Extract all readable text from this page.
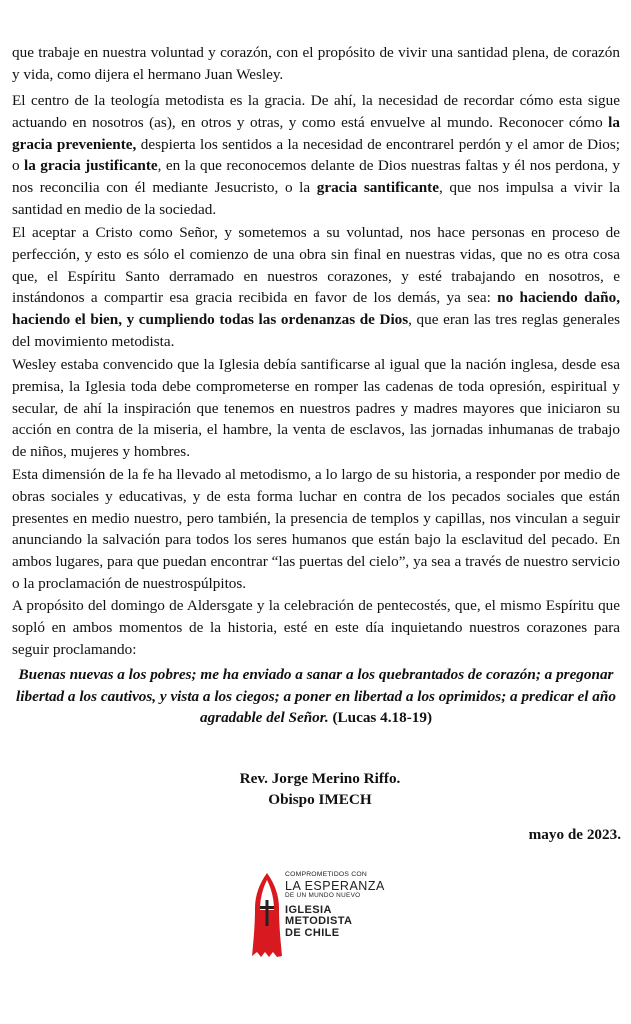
que trabaje en nuestra voluntad y corazón, con el propósito de vivir una santidad plena, de corazón y vida, como dijera el hermano Juan Wesley.

El centro de la teología metodista es la gracia. De ahí, la necesidad de recordar cómo esta sigue actuando en nosotros (as), en otros y otras, y como está envuelve al mundo. Reconocer cómo la gracia preveniente, despierta los sentidos a la necesidad de encontrarel perdón y el amor de Dios; o la gracia justificante, en la que reconocemos delante de Dios nuestras faltas y él nos perdona, y nos reconcilia con él mediante Jesucristo, o la gracia santificante, que nos impulsa a vivir la santidad en medio de la sociedad.

El aceptar a Cristo como Señor, y sometemos a su voluntad, nos hace personas en proceso de perfección, y esto es sólo el comienzo de una obra sin final en nuestras vidas, que no es otra cosa que, el Espíritu Santo derramado en nuestros corazones, y esté trabajando en nosotros, e instándonos a compartir esa gracia recibida en favor de los demás, ya sea: no haciendo daño, haciendo el bien, y cumpliendo todas las ordenanzas de Dios, que eran las tres reglas generales del movimiento metodista.

Wesley estaba convencido que la Iglesia debía santificarse al igual que la nación inglesa, desde esa premisa, la Iglesia toda debe comprometerse en romper las cadenas de toda opresión, espiritual y secular, de ahí la inspiración que tenemos en nuestros padres y madres mayores que iniciaron su acción en contra de la miseria, el hambre, la venta de esclavos, las jornadas inhumanas de trabajo de niños, mujeres y hombres.

Esta dimensión de la fe ha llevado al metodismo, a lo largo de su historia, a responder por medio de obras sociales y educativas, y de esta forma luchar en contra de los pecados sociales que están presentes en medio nuestro, pero también, la presencia de templos y capillas, nos vinculan a seguir anunciando la salvación para todos los seres humanos que están bajo la esclavitud del pecado. En ambos lugares, para que puedan encontrar “las puertas del cielo”, ya sea a través de nuestro servicio o la proclamación de nuestrospúlpitos.

A propósito del domingo de Aldersgate y la celebración de pentecostés, que, el mismo Espíritu que sopló en ambos momentos de la historia, esté en este día inquietando nuestros corazones para seguir proclamando:

Buenas nuevas a los pobres; me ha enviado a sanar a los quebrantados de corazón; a pregonar libertad a los cautivos, y vista a los ciegos; a poner en libertad a los oprimidos; a predicar el año agradable del Señor. (Lucas 4.18-19)

Rev. Jorge Merino Riffo.
Obispo IMECH
mayo de 2023.
COMPROMETIDOS CON
LA ESPERANZA
DE UN MUNDO NUEVO
IGLESIA METODISTA
DE CHILE
